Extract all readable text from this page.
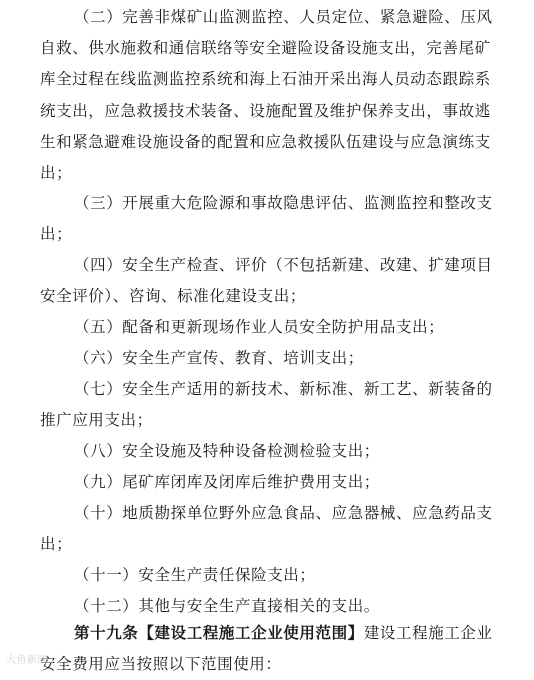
（二）完善非煤矿山监测监控、人员定位、紧急避险、压风自救、供水施救和通信联络等安全避险设备设施支出，完善尾矿库全过程在线监测监控系统和海上石油开采出海人员动态跟踪系统支出，应急救援技术装备、设施配置及维护保养支出，事故逃生和紧急避难设施设备的配置和应急救援队伍建设与应急演练支出；

（三）开展重大危险源和事故隐患评估、监测监控和整改支出；

（四）安全生产检查、评价（不包括新建、改建、扩建项目安全评价）、咨询、标准化建设支出；

（五）配备和更新现场作业人员安全防护用品支出；

（六）安全生产宣传、教育、培训支出；

（七）安全生产适用的新技术、新标准、新工艺、新装备的推广应用支出；

（八）安全设施及特种设备检测检验支出；

（九）尾矿库闭库及闭库后维护费用支出；

（十）地质勘探单位野外应急食品、应急器械、应急药品支出；

（十一）安全生产责任保险支出；

（十二）其他与安全生产直接相关的支出。

第十九条【建设工程施工企业使用范围】建设工程施工企业安全费用应当按照以下范围使用：

大鱼新闻
